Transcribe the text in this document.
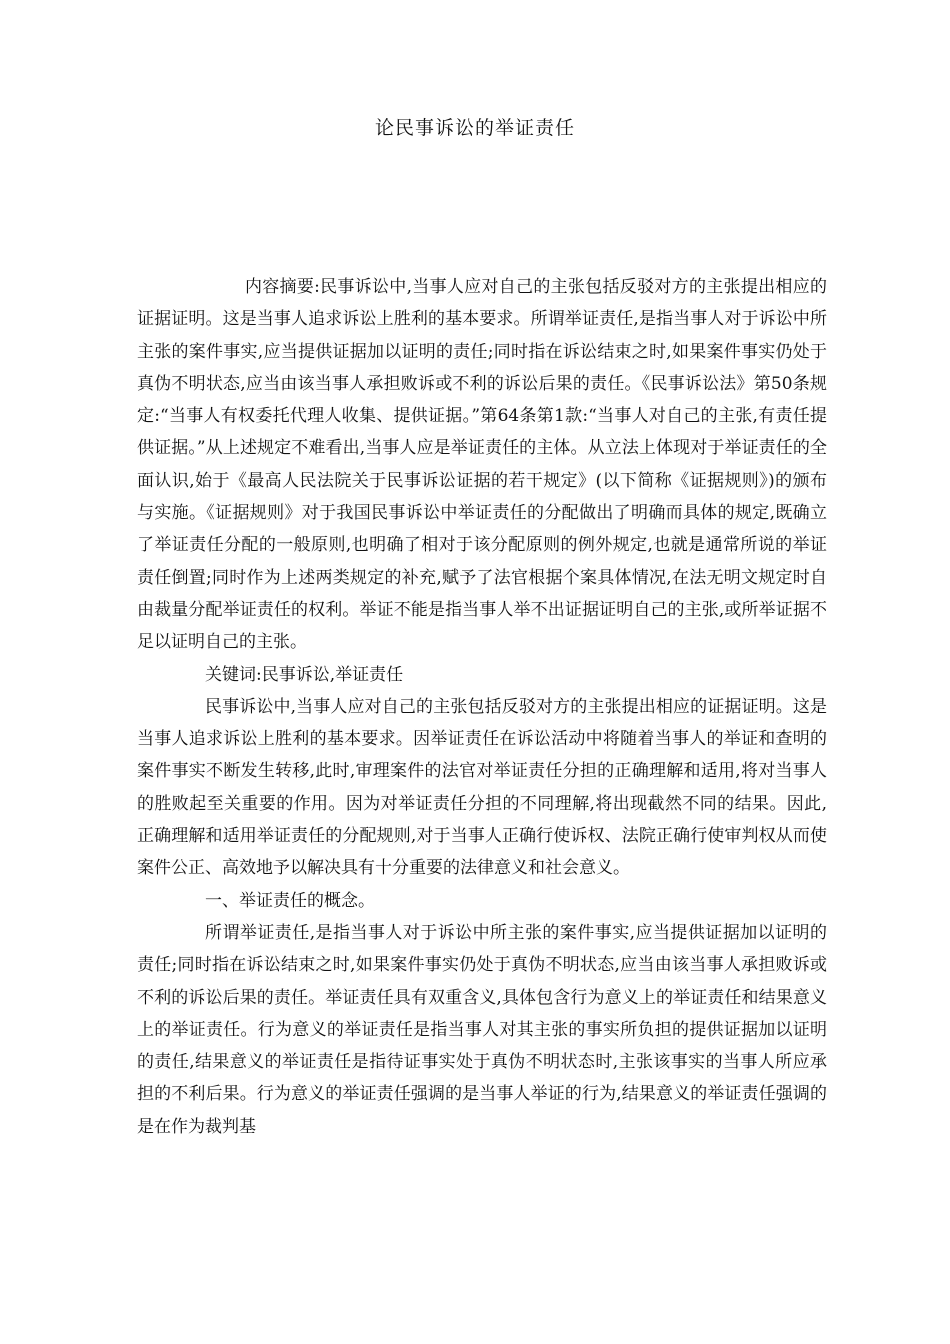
论民事诉讼的举证责任

内容摘要:民事诉讼中,当事人应对自己的主张包括反驳对方的主张提出相应的证据证明。这是当事人追求诉讼上胜利的基本要求。所谓举证责任,是指当事人对于诉讼中所主张的案件事实,应当提供证据加以证明的责任;同时指在诉讼结束之时,如果案件事实仍处于真伪不明状态,应当由该当事人承担败诉或不利的诉讼后果的责任。《民事诉讼法》第50条规定:“当事人有权委托代理人收集、提供证据。”第64条第1款:“当事人对自己的主张,有责任提供证据。”从上述规定不难看出,当事人应是举证责任的主体。从立法上体现对于举证责任的全面认识,始于《最高人民法院关于民事诉讼证据的若干规定》(以下简称《证据规则》)的颁布与实施。《证据规则》对于我国民事诉讼中举证责任的分配做出了明确而具体的规定,既确立了举证责任分配的一般原则,也明确了相对于该分配原则的例外规定,也就是通常所说的举证责任倒置;同时作为上述两类规定的补充,赋予了法官根据个案具体情况,在法无明文规定时自由裁量分配举证责任的权利。举证不能是指当事人举不出证据证明自己的主张,或所举证据不足以证明自己的主张。

关键词:民事诉讼,举证责任

民事诉讼中,当事人应对自己的主张包括反驳对方的主张提出相应的证据证明。这是当事人追求诉讼上胜利的基本要求。因举证责任在诉讼活动中将随着当事人的举证和查明的案件事实不断发生转移,此时,审理案件的法官对举证责任分担的正确理解和适用,将对当事人的胜败起至关重要的作用。因为对举证责任分担的不同理解,将出现截然不同的结果。因此,正确理解和适用举证责任的分配规则,对于当事人正确行使诉权、法院正确行使审判权从而使案件公正、高效地予以解决具有十分重要的法律意义和社会意义。

一、举证责任的概念。

所谓举证责任,是指当事人对于诉讼中所主张的案件事实,应当提供证据加以证明的责任;同时指在诉讼结束之时,如果案件事实仍处于真伪不明状态,应当由该当事人承担败诉或不利的诉讼后果的责任。举证责任具有双重含义,具体包含行为意义上的举证责任和结果意义上的举证责任。行为意义的举证责任是指当事人对其主张的事实所负担的提供证据加以证明的责任,结果意义的举证责任是指待证事实处于真伪不明状态时,主张该事实的当事人所应承担的不利后果。行为意义的举证责任强调的是当事人举证的行为,结果意义的举证责任强调的是在作为裁判基
